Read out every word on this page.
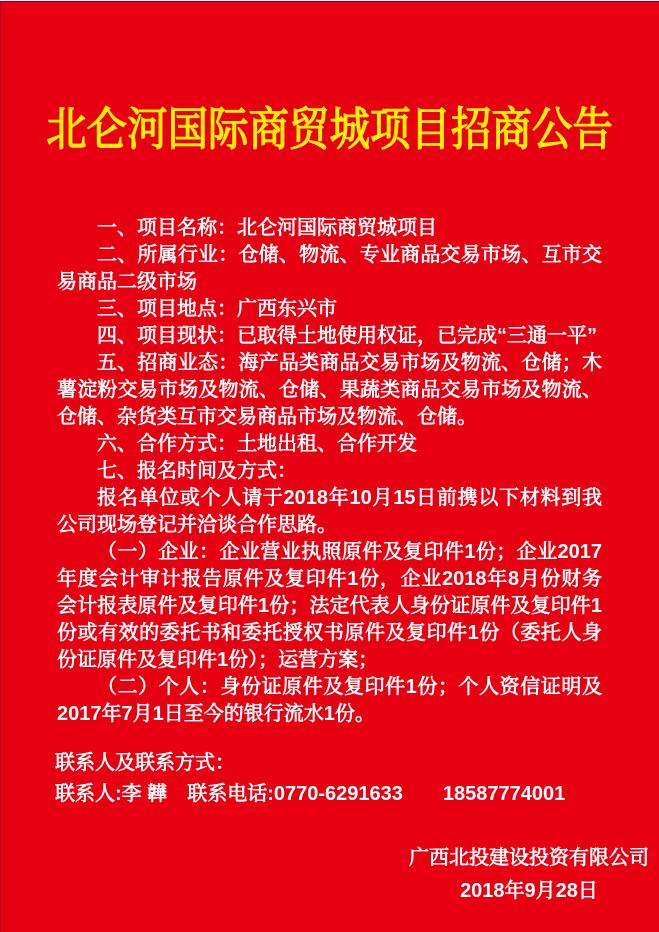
北仑河国际商贸城项目招商公告

一、项目名称：北仑河国际商贸城项目

二、所属行业：仓储、物流、专业商品交易市场、互市交易商品二级市场

三、项目地点：广西东兴市

四、项目现状：已取得土地使用权证，已完成“三通一平”

五、招商业态：海产品类商品交易市场及物流、仓储；木薯淀粉交易市场及物流、仓储、果蔬类商品交易市场及物流、仓储、杂货类互市交易商品市场及物流、仓储。

六、合作方式：土地出租、合作开发

七、报名时间及方式：

报名单位或个人请于2018年10月15日前携以下材料到我公司现场登记并洽谈合作思路。

（一）企业：企业营业执照原件及复印件1份；企业2017年度会计审计报告原件及复印件1份，企业2018年8月份财务会计报表原件及复印件1份；法定代表人身份证原件及复印件1份或有效的委托书和委托授权书原件及复印件1份（委托人身份证原件及复印件1份）；运营方案；

（二）个人：身份证原件及复印件1份；个人资信证明及2017年7月1日至今的银行流水1份。

联系人及联系方式：

联系人:李 韡　联系电话:0770-6291633　　18587774001

广西北投建设投资有限公司
2018年9月28日
